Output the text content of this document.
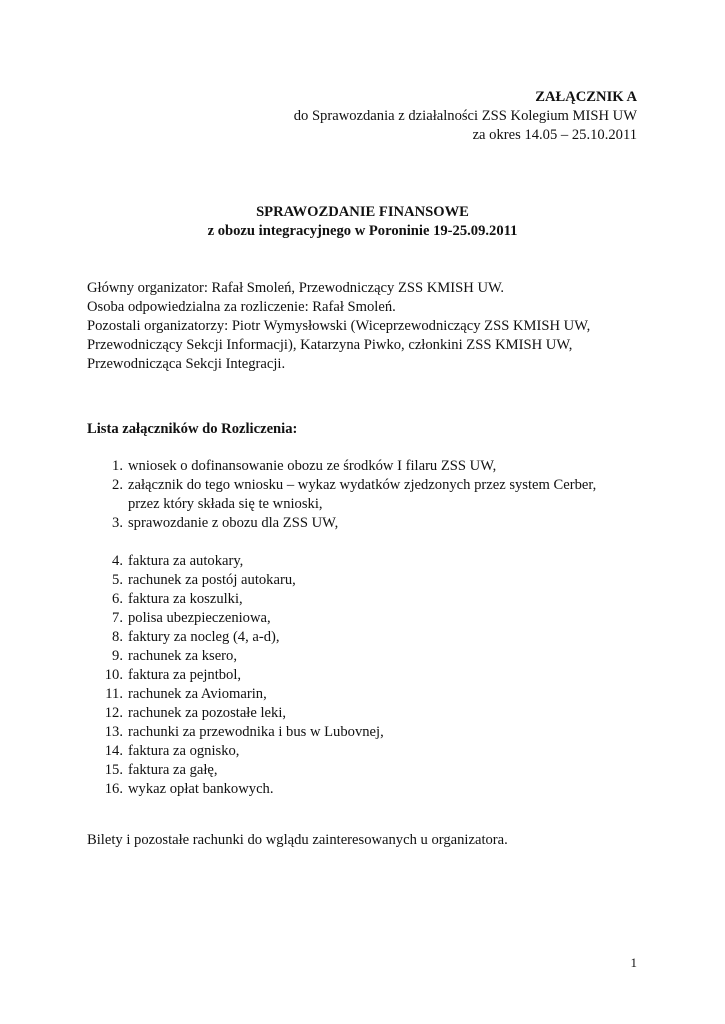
ZAŁĄCZNIK A
do Sprawozdania z działalności ZSS Kolegium MISH UW
za okres 14.05 – 25.10.2011
SPRAWOZDANIE FINANSOWE
z obozu integracyjnego w Poroninie 19-25.09.2011

Główny organizator: Rafał Smoleń, Przewodniczący ZSS KMISH UW.

Osoba odpowiedzialna za rozliczenie: Rafał Smoleń.

Pozostali organizatorzy: Piotr Wymysłowski (Wiceprzewodniczący ZSS KMISH UW,

Przewodniczący Sekcji Informacji), Katarzyna Piwko, członkini ZSS KMISH UW,

Przewodnicząca Sekcji Integracji.

Lista załączników do Rozliczenia:
1. wniosek o dofinansowanie obozu ze środków I filaru ZSS UW,
2. załącznik do tego wniosku – wykaz wydatków zjedzonych przez system Cerber,
przez który składa się te wnioski,
3. sprawozdanie z obozu dla ZSS UW,
4. faktura za autokary,
5. rachunek za postój autokaru,
6. faktura za koszulki,
7. polisa ubezpieczeniowa,
8. faktury za nocleg (4, a-d),
9. rachunek za ksero,
10. faktura za pejntbol,
11. rachunek za Aviomarin,
12. rachunek za pozostałe leki,
13. rachunki za przewodnika i bus w Lubovnej,
14. faktura za ognisko,
15. faktura za gałę,
16. wykaz opłat bankowych.
Bilety i pozostałe rachunki do wglądu zainteresowanych u organizatora.
1
